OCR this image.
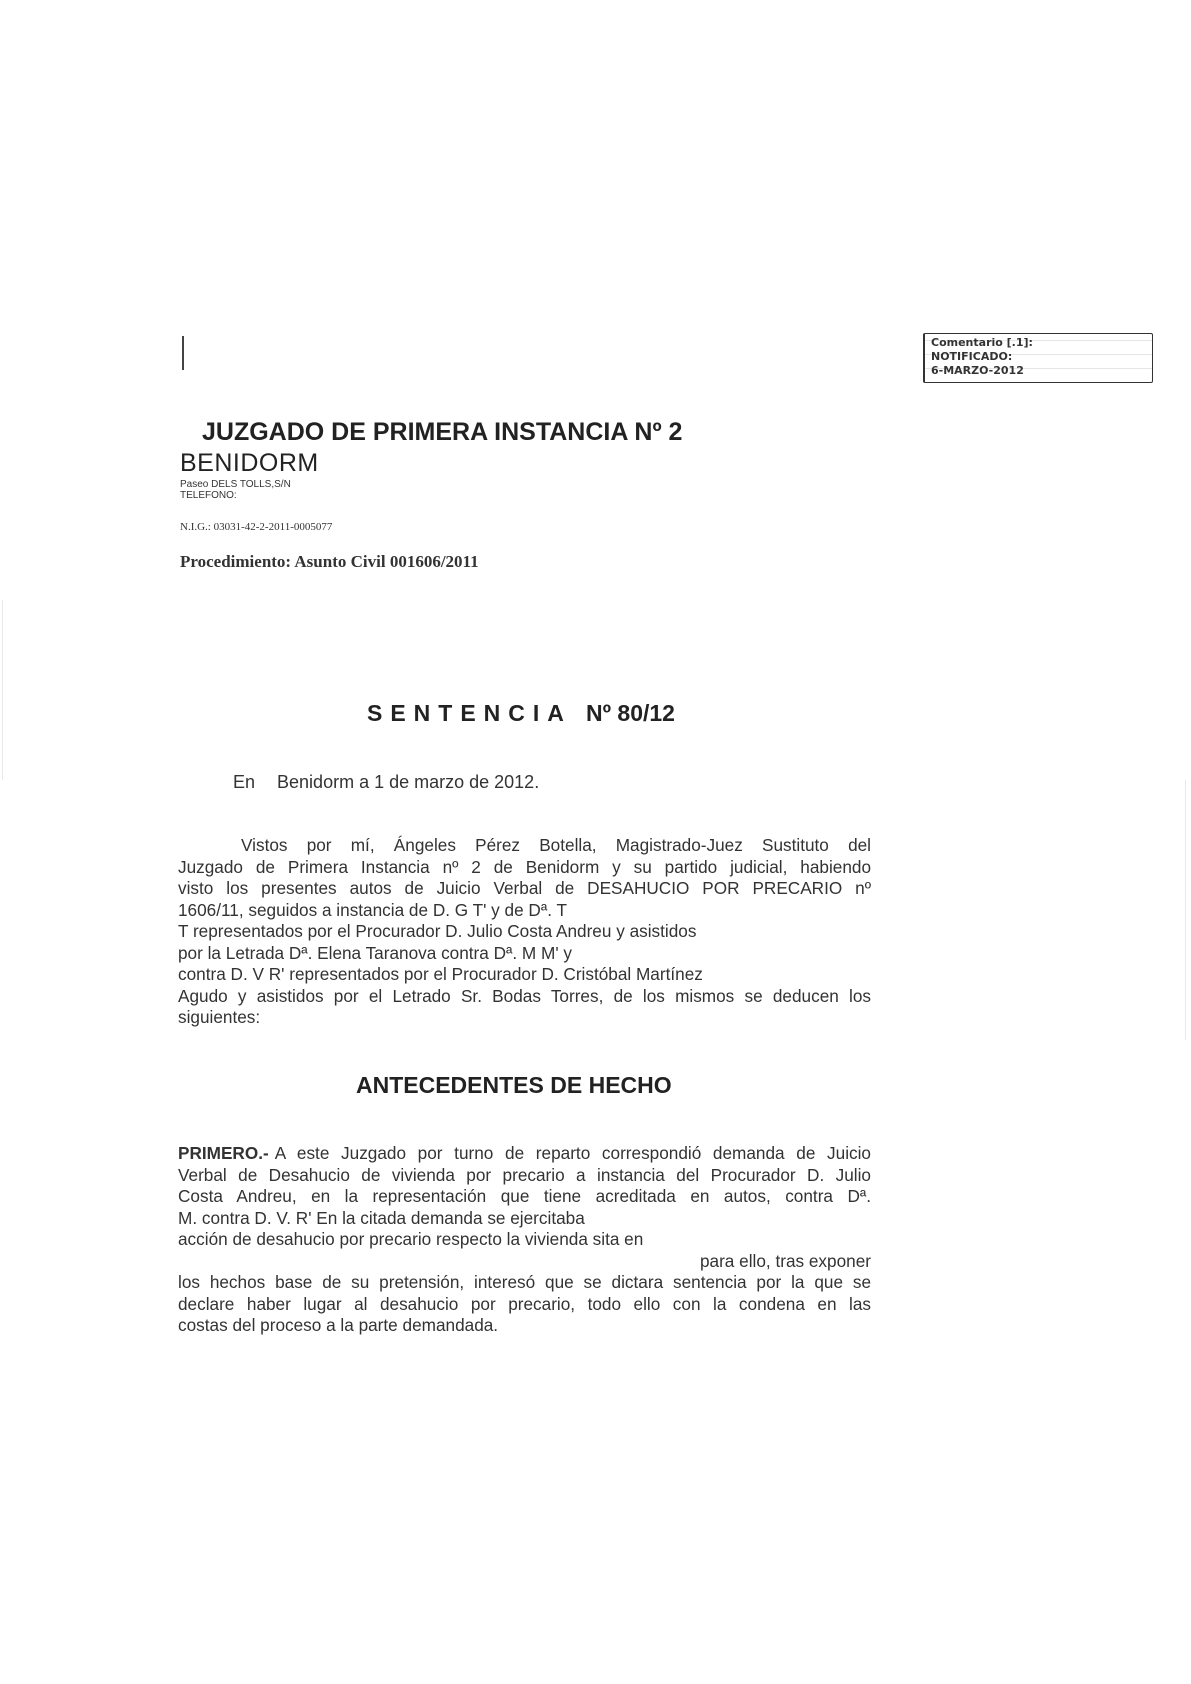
Comentario [.1]:
NOTIFICADO:
6-MARZO-2012
JUZGADO DE PRIMERA INSTANCIA Nº 2
BENIDORM
Paseo DELS TOLLS,S/N
TELEFONO:
N.I.G.: 03031-42-2-2011-0005077
Procedimiento: Asunto Civil 001606/2011
SENTENCIA Nº 80/12
En Benidorm a 1 de marzo de 2012.
Vistos por mí, Ángeles Pérez Botella, Magistrado-Juez Sustituto del
Juzgado de Primera Instancia nº 2 de Benidorm y su partido judicial, habiendo
visto los presentes autos de Juicio Verbal de DESAHUCIO POR PRECARIO nº
1606/11, seguidos a instancia de D. G T' y de Dª. T
T representados por el Procurador D. Julio Costa Andreu y asistidos
por la Letrada Dª. Elena Taranova contra Dª. M M' y
contra D. V R' representados por el Procurador D. Cristóbal Martínez
Agudo y asistidos por el Letrado Sr. Bodas Torres, de los mismos se deducen los
siguientes:
ANTECEDENTES DE HECHO
PRIMERO.- A este Juzgado por turno de reparto correspondió demanda de Juicio
Verbal de Desahucio de vivienda por precario a instancia del Procurador D. Julio
Costa Andreu, en la representación que tiene acreditada en autos, contra Dª.
M. contra D. V. R' En la citada demanda se ejercitaba
acción de desahucio por precario respecto la vivienda sita en
para ello, tras exponer
los hechos base de su pretensión, interesó que se dictara sentencia por la que se
declare haber lugar al desahucio por precario, todo ello con la condena en las
costas del proceso a la parte demandada.
